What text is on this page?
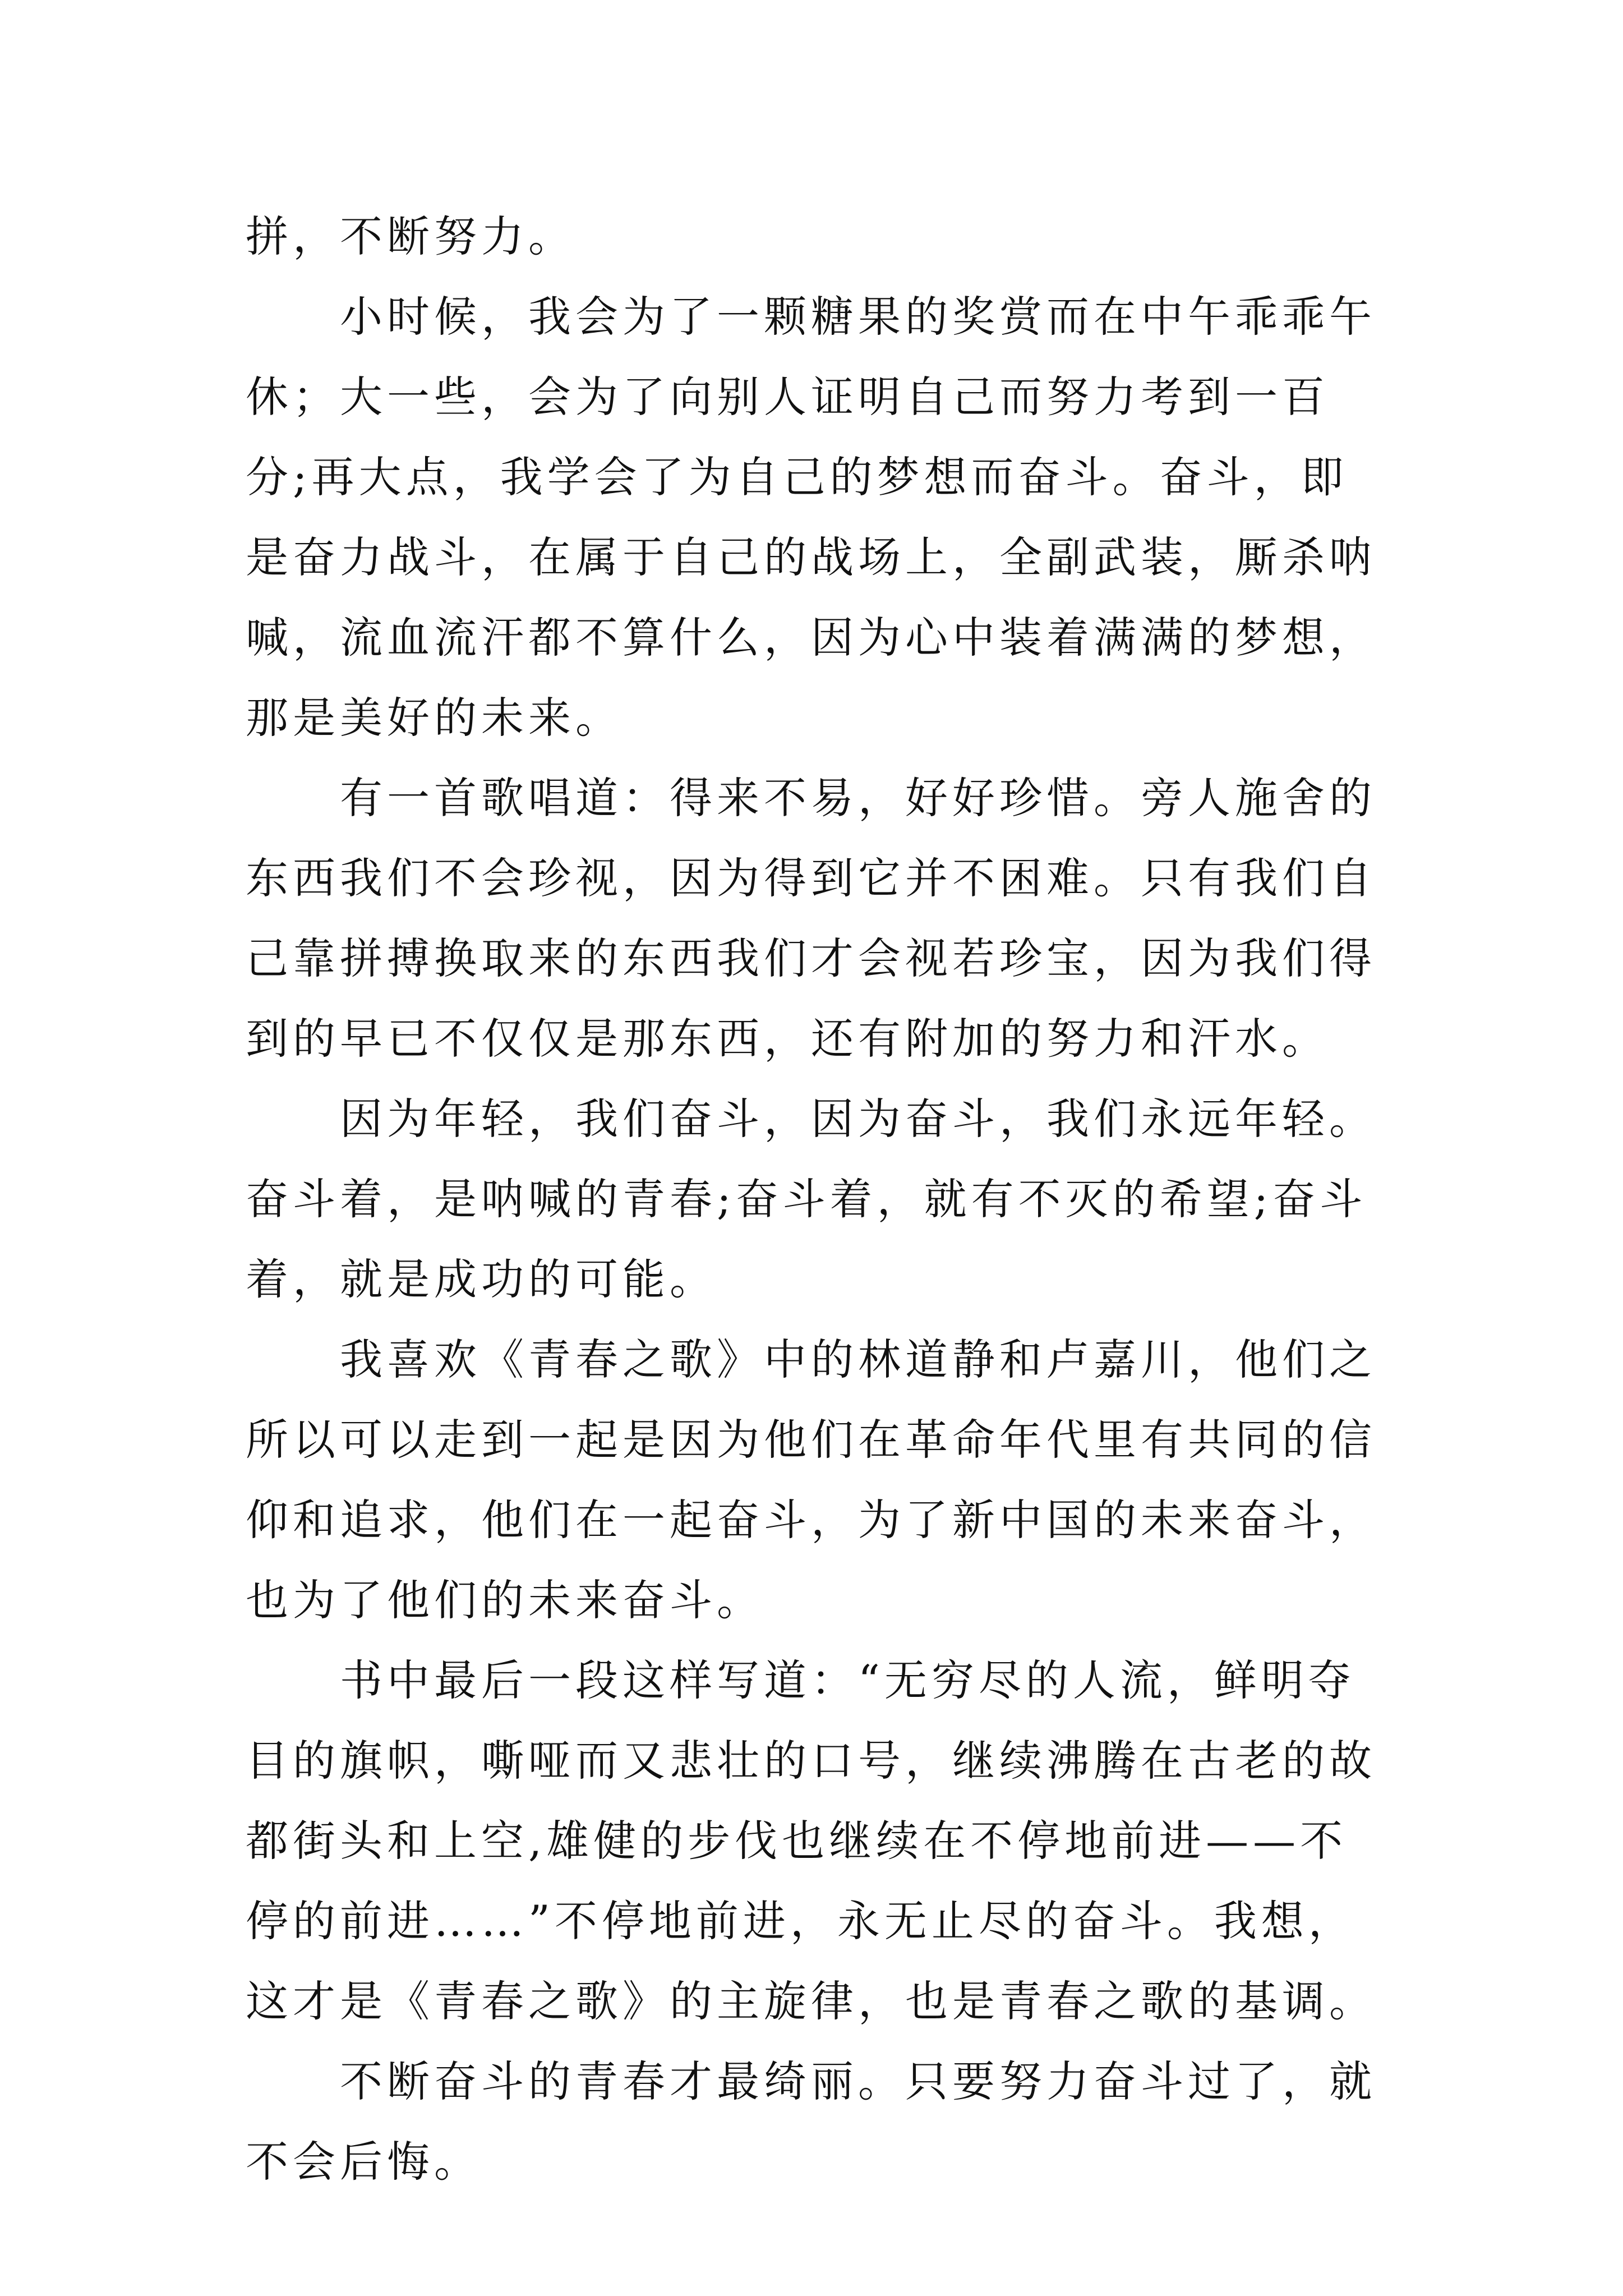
拼，不断努力。

小时候，我会为了一颗糖果的奖赏而在中午乖乖午休；大一些，会为了向别人证明自己而努力考到一百分;再大点，我学会了为自己的梦想而奋斗。奋斗，即是奋力战斗，在属于自己的战场上，全副武装，厮杀呐喊，流血流汗都不算什么，因为心中装着满满的梦想，那是美好的未来。

有一首歌唱道：得来不易，好好珍惜。旁人施舍的东西我们不会珍视，因为得到它并不困难。只有我们自己靠拼搏换取来的东西我们才会视若珍宝，因为我们得到的早已不仅仅是那东西，还有附加的努力和汗水。

因为年轻，我们奋斗，因为奋斗，我们永远年轻。奋斗着，是呐喊的青春;奋斗着，就有不灭的希望;奋斗着，就是成功的可能。

我喜欢《青春之歌》中的林道静和卢嘉川，他们之所以可以走到一起是因为他们在革命年代里有共同的信仰和追求，他们在一起奋斗，为了新中国的未来奋斗，也为了他们的未来奋斗。

书中最后一段这样写道：“无穷尽的人流，鲜明夺目的旗帜，嘶哑而又悲壮的口号，继续沸腾在古老的故都街头和上空,雄健的步伐也继续在不停地前进——不停的前进……”不停地前进，永无止尽的奋斗。我想，这才是《青春之歌》的主旋律，也是青春之歌的基调。

不断奋斗的青春才最绮丽。只要努力奋斗过了，就不会后悔。
